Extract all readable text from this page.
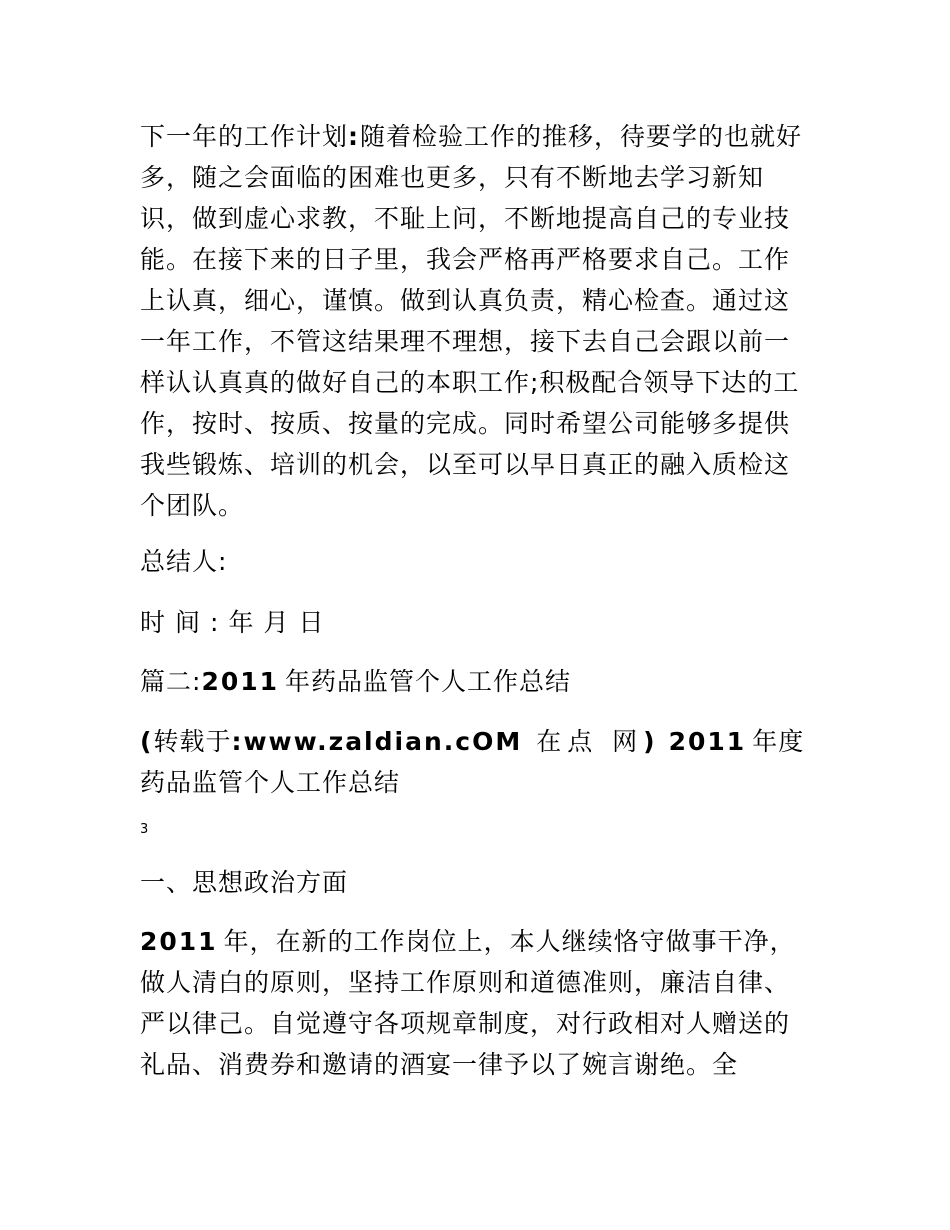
下一年的工作计划:随着检验工作的推移，待要学的也就好多，随之会面临的困难也更多，只有不断地去学习新知识，做到虚心求教，不耻上问，不断地提高自己的专业技能。在接下来的日子里，我会严格再严格要求自己。工作上认真，细心，谨慎。做到认真负责，精心检查。通过这一年工作，不管这结果理不理想，接下去自己会跟以前一样认认真真的做好自己的本职工作;积极配合领导下达的工作，按时、按质、按量的完成。同时希望公司能够多提供我些锻炼、培训的机会，以至可以早日真正的融入质检这个团队。

总结人:

时间:年月日

篇二:2011 年药品监管个人工作总结

(转载于:www.zaldian.cOM 在点 网) 2011 年度药品监管个人工作总结

3

一、思想政治方面

2011 年，在新的工作岗位上，本人继续恪守做事干净，做人清白的原则，坚持工作原则和道德准则，廉洁自律、严以律己。自觉遵守各项规章制度，对行政相对人赠送的礼品、消费券和邀请的酒宴一律予以了婉言谢绝。全
